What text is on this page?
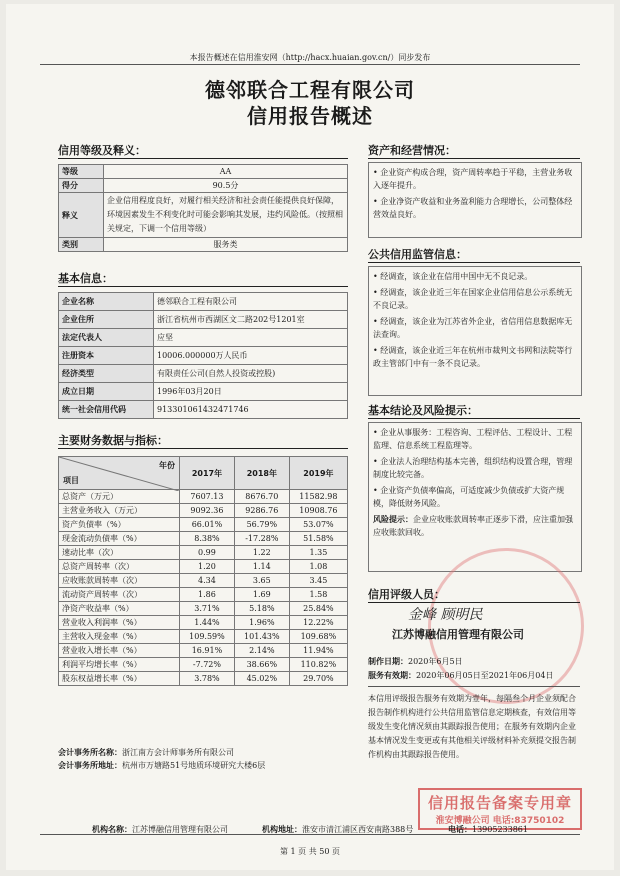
本报告概述在信用淮安网（http://hacx.huaian.gov.cn/）同步发布
德邻联合工程有限公司
信用报告概述
信用等级及释义：
等级	AA
得分	90.5分
释义	企业信用程度良好，对履行相关经济和社会责任能提供良好保障，环境因素发生不利变化时可能会影响其发展，违约风险低。（按照相关规定，下调一个信用等级）
类别	服务类
基本信息：
企业名称	德邻联合工程有限公司
企业住所	浙江省杭州市西湖区文二路202号1201室
法定代表人	应坚
注册资本	10006.000000万人民币
经济类型	有限责任公司(自然人投资或控股)
成立日期	1996年03月20日
统一社会信用代码	913301061432471746
主要财务数据与指标：
年份
项目	2017年	2018年	2019年
总资产（万元）	7607.13	8676.70	11582.98
主营业务收入（万元）	9092.36	9286.76	10908.76
资产负债率（%）	66.01%	56.79%	53.07%
现金流动负债率（%）	8.38%	-17.28%	51.58%
速动比率（次）	0.99	1.22	1.35
总资产周转率（次）	1.20	1.14	1.08
应收账款周转率（次）	4.34	3.65	3.45
流动资产周转率（次）	1.86	1.69	1.58
净资产收益率（%）	3.71%	5.18%	25.84%
营业收入利润率（%）	1.44%	1.96%	12.22%
主营收入现金率（%）	109.59%	101.43%	109.68%
营业收入增长率（%）	16.91%	2.14%	11.94%
利润平均增长率（%）	-7.72%	38.66%	110.82%
股东权益增长率（%）	3.78%	45.02%	29.70%
会计事务所名称：浙江南方会计师事务所有限公司
会计事务所地址：杭州市万塘路51号地质环境研究大楼6层
资产和经营情况：

• 企业资产构成合理，资产周转率趋于平稳，主营业务收入逐年提升。

• 企业净资产收益和业务盈利能力合理增长，公司整体经营效益良好。

公共信用监管信息：

• 经调查，该企业在信用中国中无不良记录。

• 经调查，该企业近三年在国家企业信用信息公示系统无不良记录。

• 经调查，该企业为江苏省外企业，省信用信息数据库无法查询。

• 经调查，该企业近三年在杭州市裁判文书网和法院等行政主管部门中有一条不良记录。

基本结论及风险提示：

• 企业从事服务：工程咨询、工程评估、工程设计、工程监理、信息系统工程监理等。

• 企业法人治理结构基本完善，组织结构设置合理，管理制度比较完备。

• 企业资产负债率偏高，可适度减少负债或扩大资产规模，降低财务风险。

风险提示：企业应收账款周转率正逐步下滑，应注重加强应收账款回收。

信用评级人员：
金峰 顾明民
江苏博融信用管理有限公司
制作日期：2020年6月5日
服务有效期：2020年06月05日至2021年06月04日
本信用评级报告服务有效期为壹年，每隔叁个月企业须配合报告制作机构进行公共信用监管信息定期核查，有效信用等级发生变化情况须由其跟踪报告使用；在服务有效期内企业基本情况发生变更或有其他相关评级材料补充须提交报告制作机构由其跟踪报告使用。
信用报告备案专用章
淮安博融公司 电话:83750102
机构名称：江苏博融信用管理有限公司	机构地址：淮安市清江浦区西安南路388号	电话：13905233861
第 1 页 共 50 页
